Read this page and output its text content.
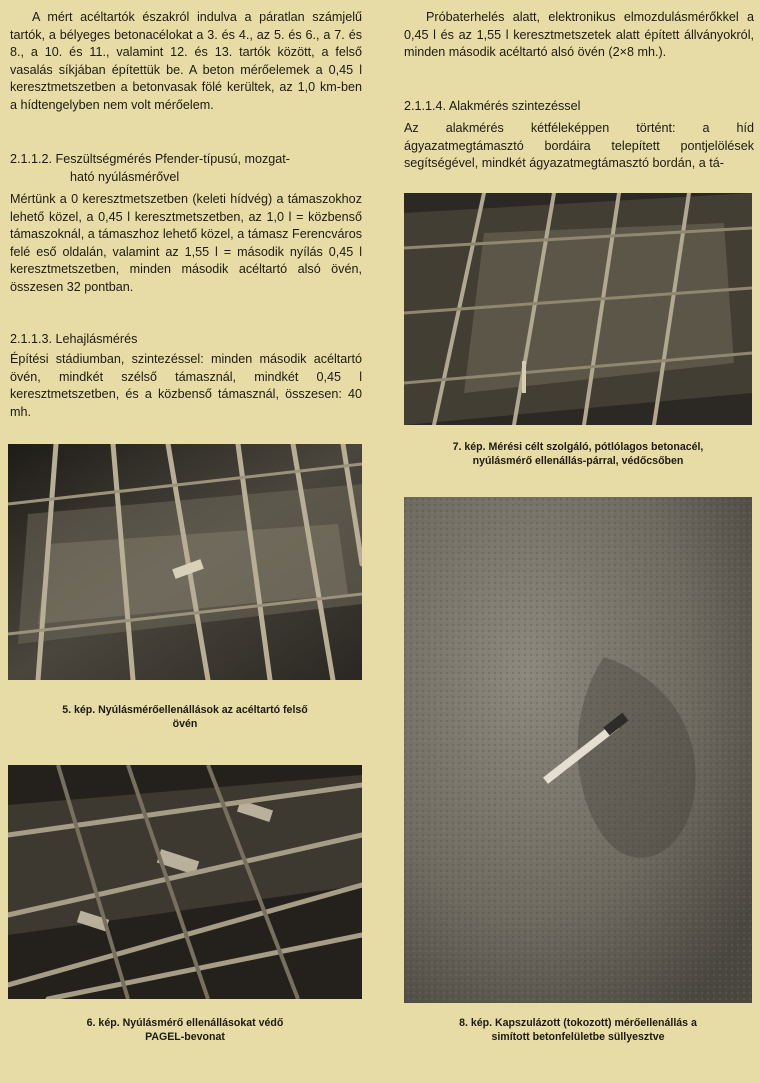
A mért acéltartók északról indulva a páratlan számjelű tartók, a bélyeges betonacélokat a 3. és 4., az 5. és 6., a 7. és 8., a 10. és 11., valamint 12. és 13. tartók között, a felső vasalás síkjában építettük be. A beton mérőelemek a 0,45 l keresztmetszetben a betonvasak fölé kerültek, az 1,0 km-ben a hídtengelyben nem volt mérőelem.

2.1.1.2. Feszültségmérés Pfender-típusú, mozgat-
ható nyúlásmérővel

Mértünk a 0 keresztmetszetben (keleti hídvég) a támaszokhoz lehető közel, a 0,45 l keresztmetszetben, az 1,0 l = közbenső támaszoknál, a támaszhoz lehető közel, a támasz Ferencváros felé eső oldalán, valamint az 1,55 l = második nyílás 0,45 l keresztmetszetben, minden második acéltartó alsó övén, összesen 32 pontban.

2.1.1.3. Lehajlásmérés

Építési stádiumban, szintezéssel: minden második acéltartó övén, mindkét szélső támasznál, mindkét 0,45 l keresztmetszetben, és a közbenső támasznál, összesen: 40 mh.

5. kép. Nyúlásmérőellenállások az acéltartó felső
övén
6. kép. Nyúlásmérő ellenállásokat védő
PAGEL-bevonat

Próbaterhelés alatt, elektronikus elmozdulásmérőkkel a 0,45 l és az 1,55 l keresztmetszetek alatt épített állványokról, minden második acéltartó alsó övén (2×8 mh.).

2.1.1.4. Alakmérés szintezéssel

Az alakmérés kétféleképpen történt: a híd ágyazatmegtámasztó bordáira telepített pontjelölések segítségével, mindkét ágyazatmegtámasztó bordán, a tá-

7. kép. Mérési célt szolgáló, pótlólagos betonacél,
nyúlásmérő ellenállás-párral, védőcsőben
8. kép. Kapszulázott (tokozott) mérőellenállás a
simított betonfelületbe süllyesztve
